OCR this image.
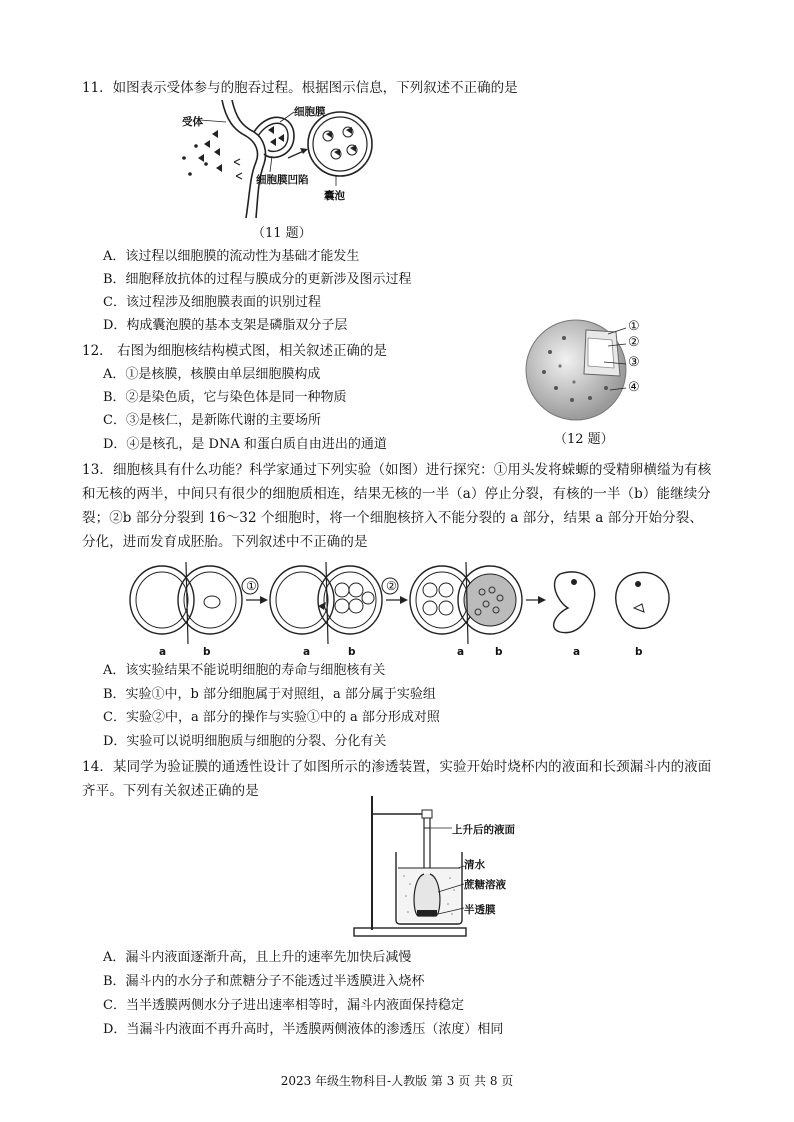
11．如图表示受体参与的胞吞过程。根据图示信息，下列叙述不正确的是
受体
细胞膜
细胞膜凹陷
囊泡
（11 题）
A．该过程以细胞膜的流动性为基础才能发生
B．细胞释放抗体的过程与膜成分的更新涉及图示过程
C．该过程涉及细胞膜表面的识别过程
D．构成囊泡膜的基本支架是磷脂双分子层
12． 右图为细胞核结构模式图，相关叙述正确的是
A．①是核膜，核膜由单层细胞膜构成
B．②是染色质，它与染色体是同一种物质
C．③是核仁，是新陈代谢的主要场所
D．④是核孔，是 DNA 和蛋白质自由进出的通道
①
②
③
④
（12 题）
13．细胞核具有什么功能？科学家通过下列实验（如图）进行探究：①用头发将蝾螈的受精卵横缢为有核和无核的两半，中间只有很少的细胞质相连，结果无核的一半（a）停止分裂，有核的一半（b）能继续分裂；②b 部分分裂到 16～32 个细胞时，将一个细胞核挤入不能分裂的 a 部分，结果 a 部分开始分裂、分化，进而发育成胚胎。下列叙述中不正确的是
①	②
a	b	a	b	a	b	a	b
A．该实验结果不能说明细胞的寿命与细胞核有关
B．实验①中，b 部分细胞属于对照组，a 部分属于实验组
C．实验②中，a 部分的操作与实验①中的 a 部分形成对照
D．实验可以说明细胞质与细胞的分裂、分化有关
14．某同学为验证膜的通透性设计了如图所示的渗透装置，实验开始时烧杯内的液面和长颈漏斗内的液面齐平。下列有关叙述正确的是
上升后的液面
清水
蔗糖溶液
半透膜
A．漏斗内液面逐渐升高，且上升的速率先加快后减慢
B．漏斗内的水分子和蔗糖分子不能透过半透膜进入烧杯
C．当半透膜两侧水分子进出速率相等时，漏斗内液面保持稳定
D．当漏斗内液面不再升高时，半透膜两侧液体的渗透压（浓度）相同
2023 年级生物科目-人教版 第 3 页 共 8 页
